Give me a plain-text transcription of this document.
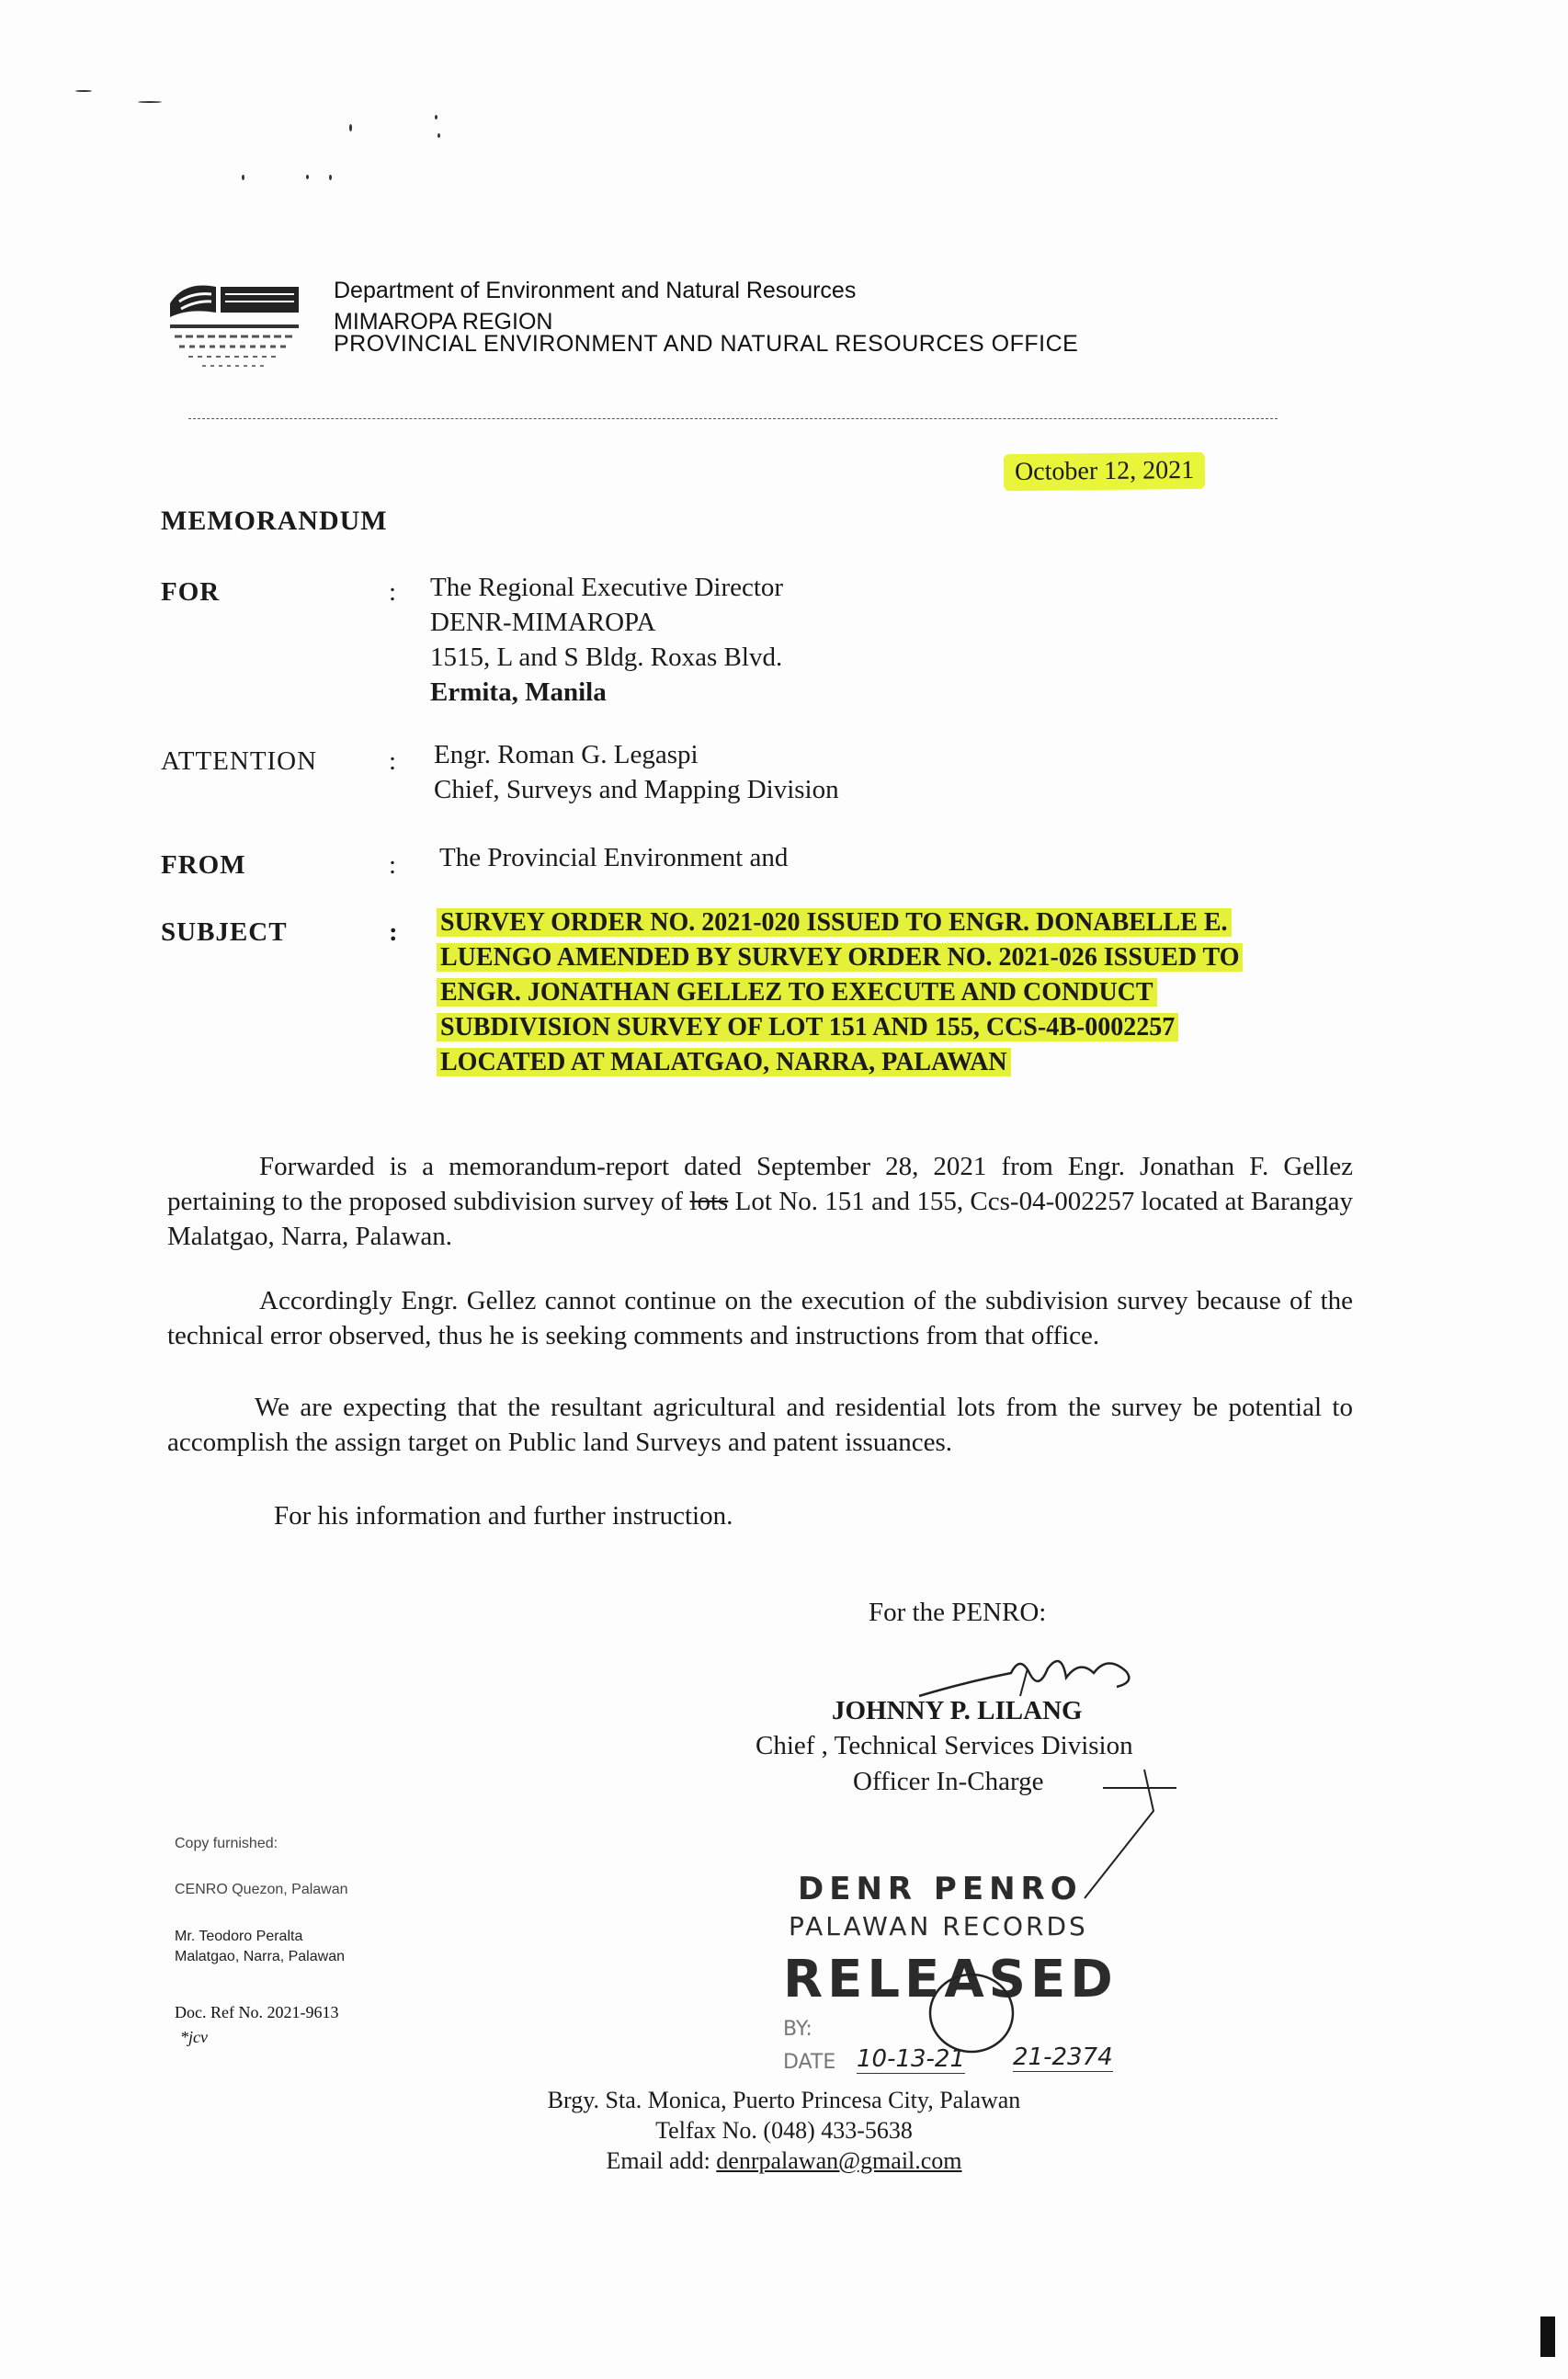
Department of Environment and Natural Resources
MIMAROPA REGION
PROVINCIAL ENVIRONMENT AND NATURAL RESOURCES OFFICE
October 12, 2021
MEMORANDUM
FOR	: The Regional Executive Director
DENR-MIMAROPA
1515, L and S Bldg. Roxas Blvd.
Ermita, Manila
ATTENTION	: Engr. Roman G. Legaspi
Chief, Surveys and Mapping Division
FROM	: The Provincial Environment and
SUBJECT	: SURVEY ORDER NO. 2021-020 ISSUED TO ENGR. DONABELLE E. LUENGO AMENDED BY SURVEY ORDER NO. 2021-026 ISSUED TO ENGR. JONATHAN GELLEZ TO EXECUTE AND CONDUCT SUBDIVISION SURVEY OF LOT 151 AND 155, CCS-4B-0002257 LOCATED AT MALATGAO, NARRA, PALAWAN
Forwarded is a memorandum-report dated September 28, 2021 from Engr. Jonathan F. Gellez pertaining to the proposed subdivision survey of lots Lot No. 151 and 155, Ccs-04-002257 located at Barangay Malatgao, Narra, Palawan.
Accordingly Engr. Gellez cannot continue on the execution of the subdivision survey because of the technical error observed, thus he is seeking comments and instructions from that office.
We are expecting that the resultant agricultural and residential lots from the survey be potential to accomplish the assign target on Public land Surveys and patent issuances.
For his information and further instruction.
For the PENRO:
JOHNNY P. LILANG
Chief , Technical Services Division
Officer In-Charge
Copy furnished:
CENRO Quezon, Palawan
Mr. Teodoro Peralta
Malatgao, Narra, Palawan
Doc. Ref No. 2021-9613
*jcv
DENR PENRO
PALAWAN RECORDS
RELEASED
BY:
DATE 10-13-21 21-2374
Brgy. Sta. Monica, Puerto Princesa City, Palawan
Telfax No. (048) 433-5638
Email add: denrpalawan@gmail.com
